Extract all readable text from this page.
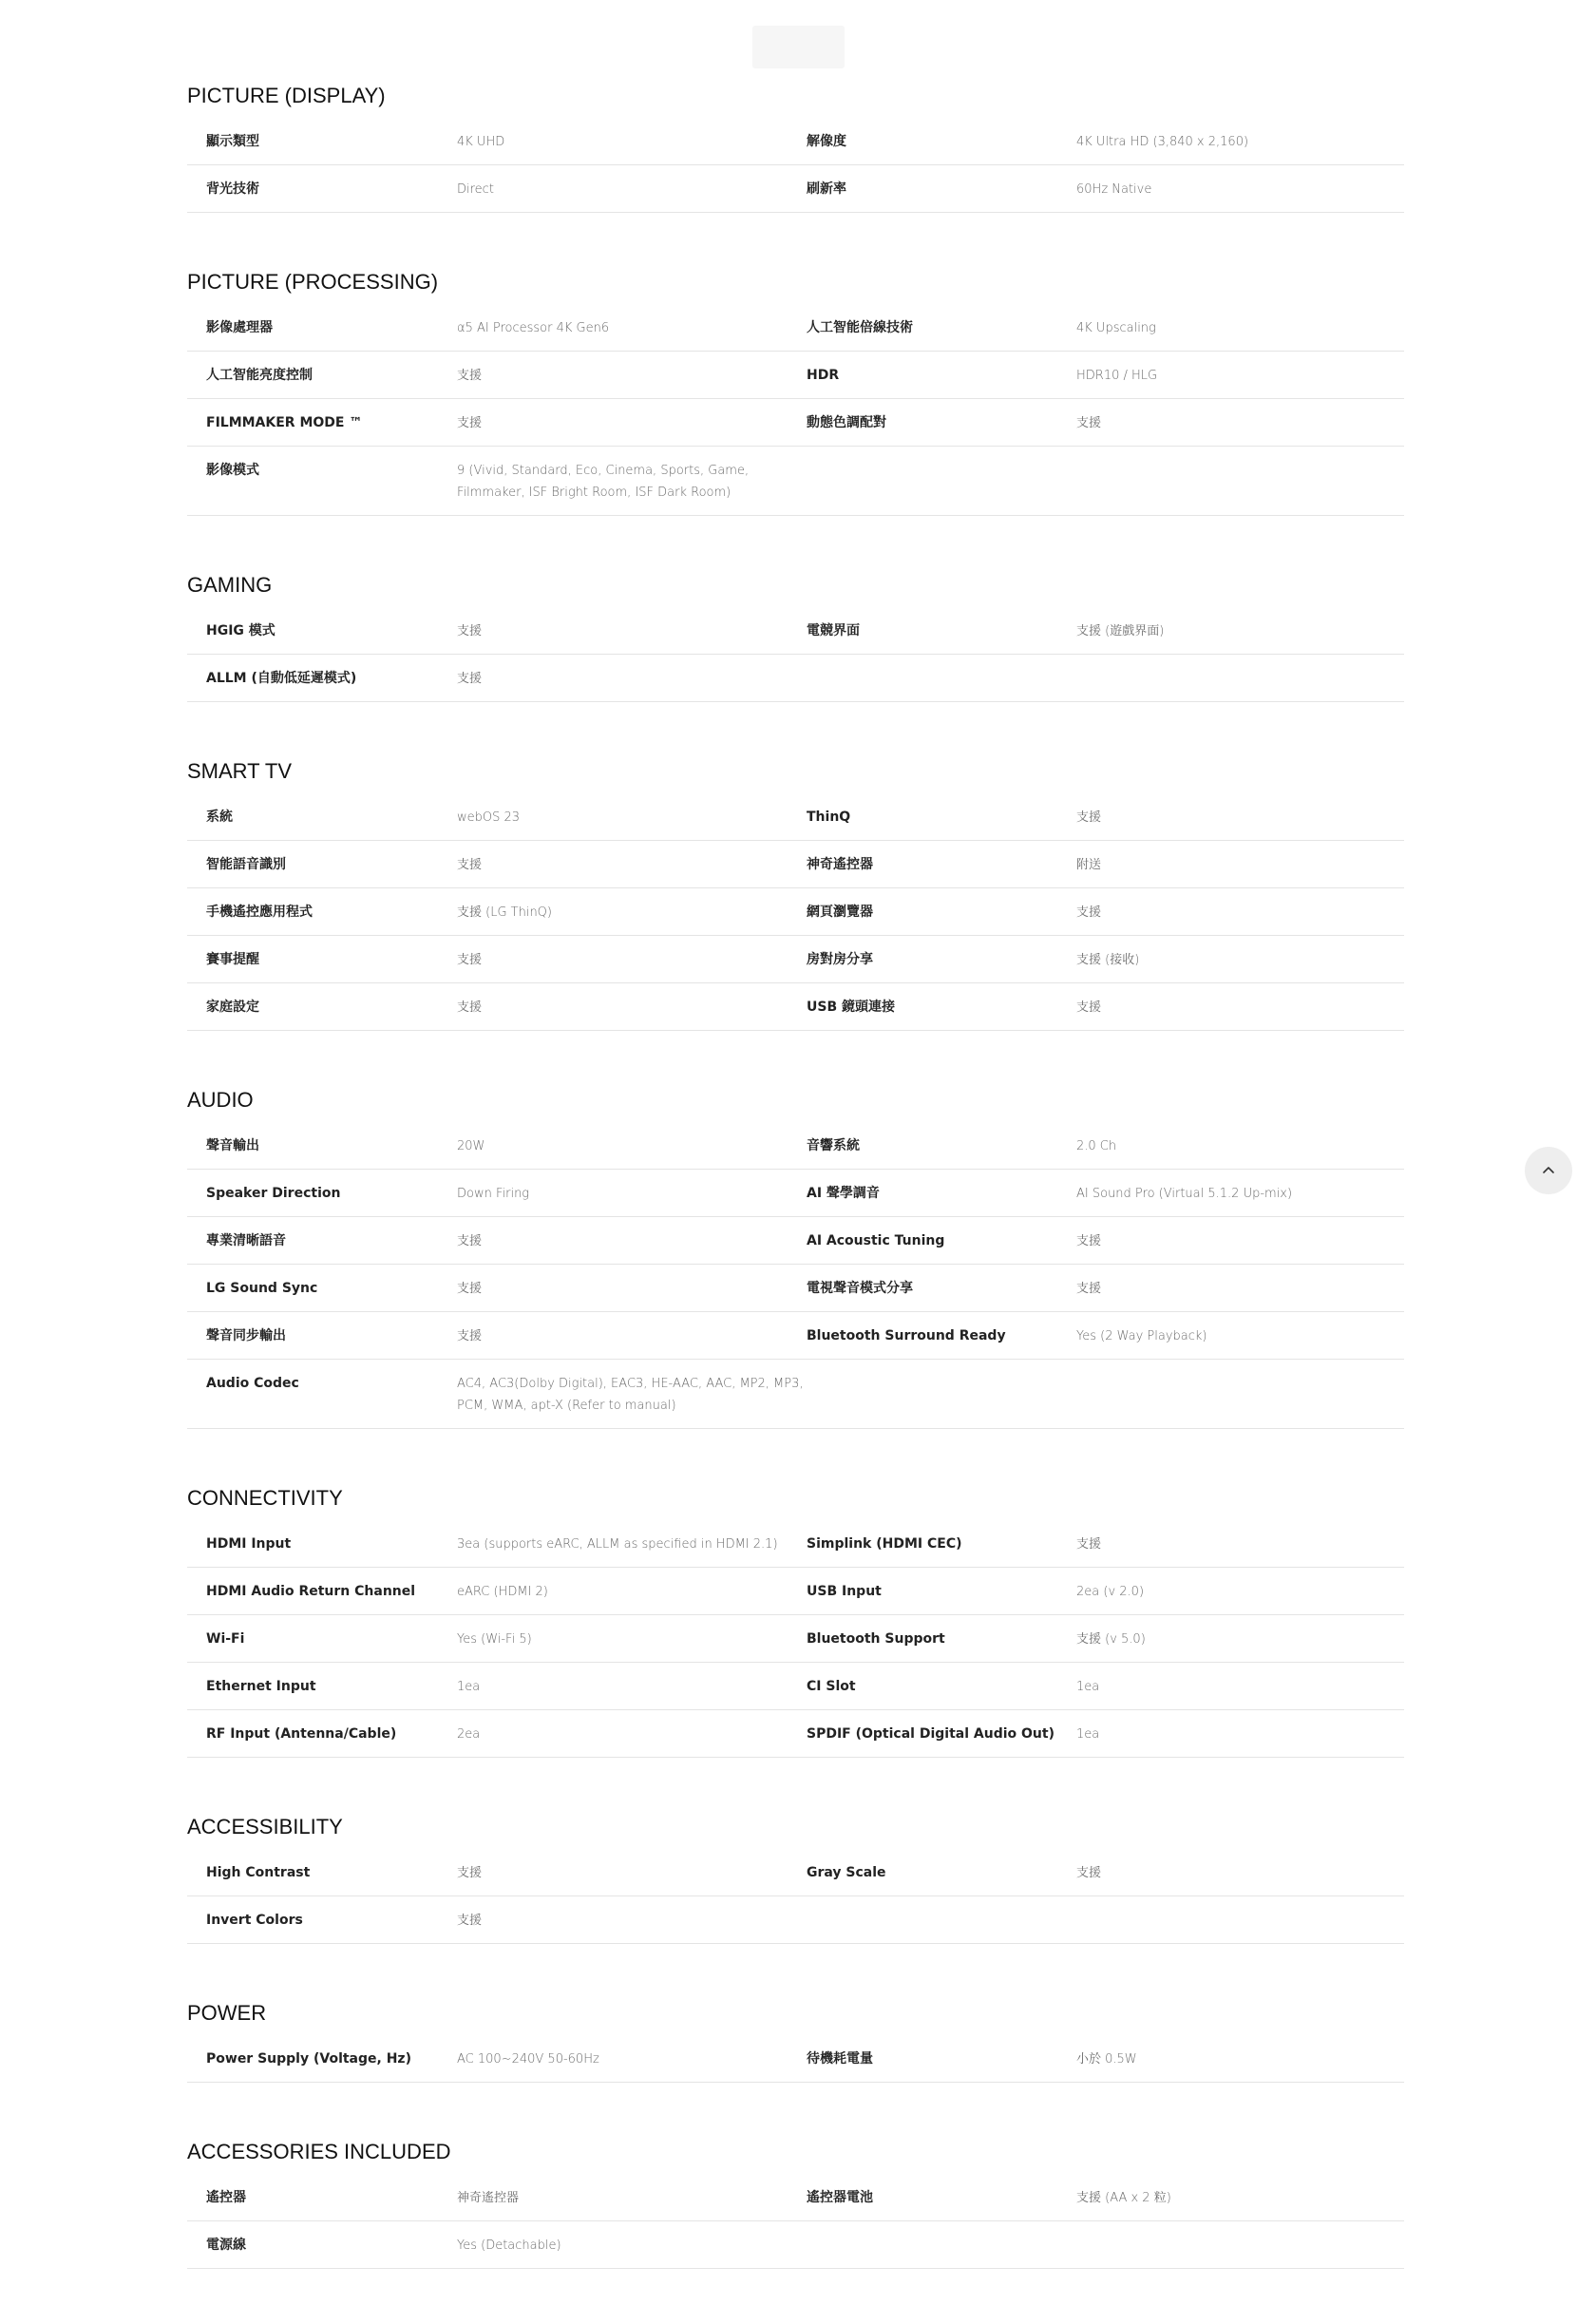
PICTURE (DISPLAY)
顯示類型	4K UHD	解像度	4K Ultra HD (3,840 x 2,160)
背光技術	Direct	刷新率	60Hz Native
PICTURE (PROCESSING)
影像處理器	α5 AI Processor 4K Gen6	人工智能倍線技術	4K Upscaling
人工智能亮度控制	支援	HDR	HDR10 / HLG
FILMMAKER MODE ™	支援	動態色調配對	支援
影像模式	9 (Vivid, Standard, Eco, Cinema, Sports, Game, Filmmaker, ISF Bright Room, ISF Dark Room)
GAMING
HGIG 模式	支援	電競界面	支援 (遊戲界面)
ALLM (自動低延遲模式)	支援
SMART TV
系統	webOS 23	ThinQ	支援
智能語音識別	支援	神奇遙控器	附送
手機遙控應用程式	支援 (LG ThinQ)	網頁瀏覽器	支援
賽事提醒	支援	房對房分享	支援 (接收)
家庭設定	支援	USB 鏡頭連接	支援
AUDIO
聲音輸出	20W	音響系統	2.0 Ch
Speaker Direction	Down Firing	AI 聲學調音	AI Sound Pro (Virtual 5.1.2 Up-mix)
專業清晰語音	支援	AI Acoustic Tuning	支援
LG Sound Sync	支援	電視聲音模式分享	支援
聲音同步輸出	支援	Bluetooth Surround Ready	Yes (2 Way Playback)
Audio Codec	AC4, AC3(Dolby Digital), EAC3, HE-AAC, AAC, MP2, MP3, PCM, WMA, apt-X (Refer to manual)
CONNECTIVITY
HDMI Input	3ea (supports eARC, ALLM as specified in HDMI 2.1)	Simplink (HDMI CEC)	支援
HDMI Audio Return Channel	eARC (HDMI 2)	USB Input	2ea (v 2.0)
Wi-Fi	Yes (Wi-Fi 5)	Bluetooth Support	支援 (v 5.0)
Ethernet Input	1ea	CI Slot	1ea
RF Input (Antenna/Cable)	2ea	SPDIF (Optical Digital Audio Out)	1ea
ACCESSIBILITY
High Contrast	支援	Gray Scale	支援
Invert Colors	支援
POWER
Power Supply (Voltage, Hz)	AC 100~240V 50-60Hz	待機耗電量	小於 0.5W
ACCESSORIES INCLUDED
遙控器	神奇遙控器	遙控器電池	支援 (AA x 2 粒)
電源線	Yes (Detachable)
